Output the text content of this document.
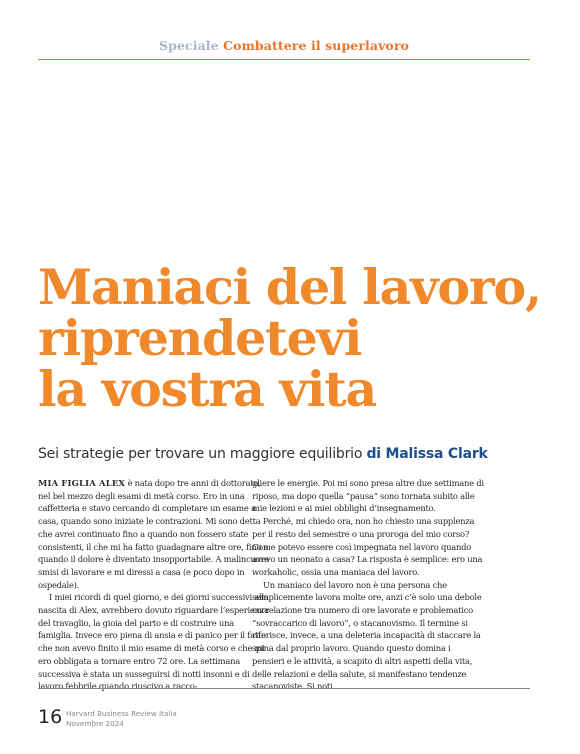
Speciale Combattere il superlavoro
Maniaci del lavoro,
riprendetevi
la vostra vita
Sei strategie per trovare un maggiore equilibrio di Malissa Clark

MIA FIGLIA ALEX è nata dopo tre anni di dottorato, nel bel mezzo degli esami di metà corso. Ero in una caffetteria e stavo cercando di completare un esame a casa, quando sono iniziate le contrazioni. Mi sono detta che avrei continuato fino a quando non fossero state consistenti, il che mi ha fatto guadagnare altre ore, fino a quando il dolore è diventato insopportabile. A malincuore smisi di lavorare e mi diressi a casa (e poco dopo in ospedale).

I miei ricordi di quel giorno, e dei giorni successivi alla nascita di Alex, avrebbero dovuto riguardare l’esperienza del travaglio, la gioia del parto e di costruire una famiglia. Invece ero piena di ansia e di panico per il fatto che non avevo finito il mio esame di metà corso e che mi ero obbligata a tornare entro 72 ore. La settimana successiva è stata un susseguirsi di notti insonni e di lavoro febbrile quando riuscivo a racco-

gliere le energie. Poi mi sono presa altre due settimane di riposo, ma dopo quella “pausa” sono tornata subito alle mie lezioni e ai miei obblighi d’insegnamento.

Perché, mi chiedo ora, non ho chiesto una supplenza per il resto del semestre o una proroga del mio corso? Come potevo essere così impegnata nel lavoro quando avevo un neonato a casa? La risposta è semplice: ero una workaholic, ossia una maniaca del lavoro.

Un maniaco del lavoro non è una persona che semplicemente lavora molte ore, anzi c’è solo una debole correlazione tra numero di ore lavorate e problematico “sovraccarico di lavoro”, o stacanovismo. Il termine si riferisce, invece, a una deleteria incapacità di staccare la spina dal proprio lavoro. Quando questo domina i pensieri e le attività, a scapito di altri aspetti della vita, delle relazioni e della salute, si manifestano tendenze stacanoviste. Si noti

16 Harvard Business Review Italia
Novembre 2024
